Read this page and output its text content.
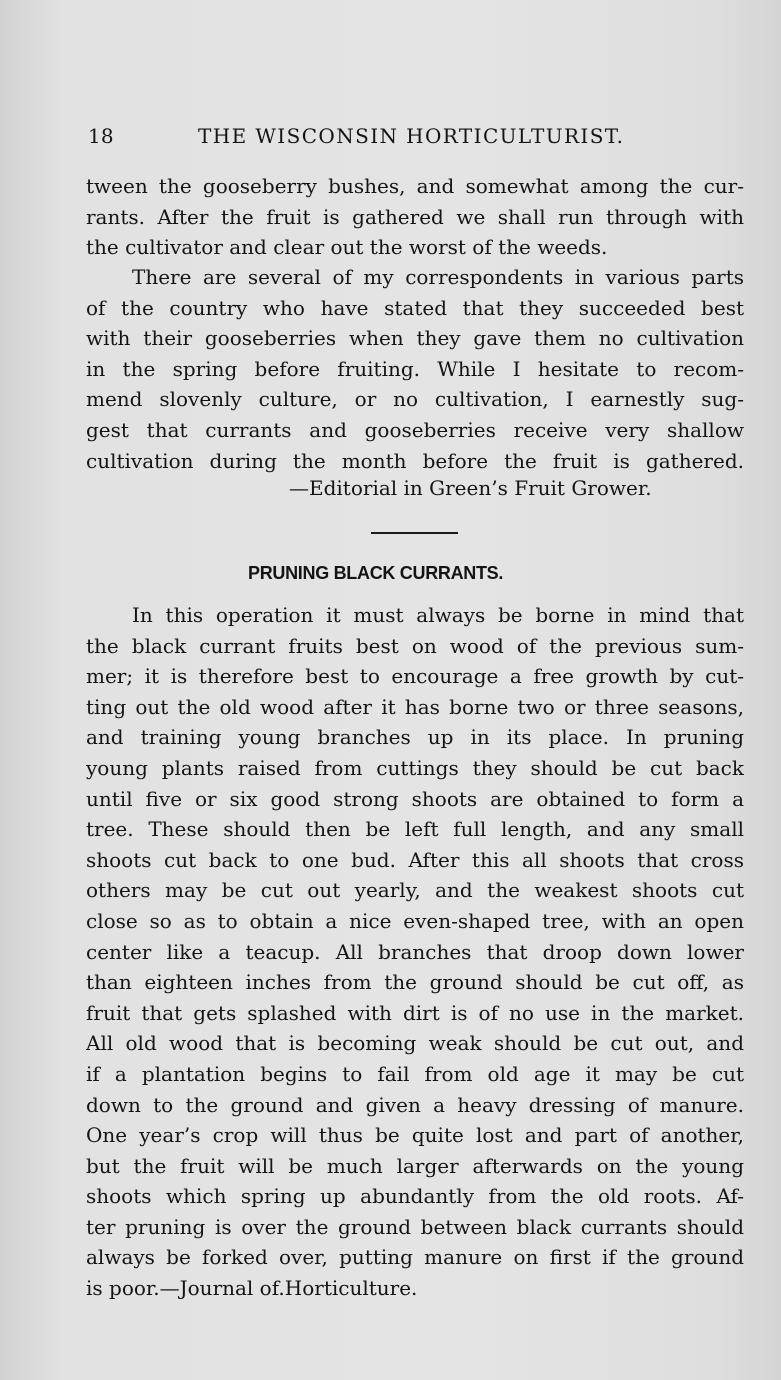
18	THE WISCONSIN HORTICULTURIST.
tween the gooseberry bushes, and somewhat among the cur-
rants. After the fruit is gathered we shall run through with
the cultivator and clear out the worst of the weeds.
There are several of my correspondents in various parts
of the country who have stated that they succeeded best
with their gooseberries when they gave them no cultivation
in the spring before fruiting. While I hesitate to recom-
mend slovenly culture, or no cultivation, I earnestly sug-
gest that currants and gooseberries receive very shallow
cultivation during the month before the fruit is gathered.
—Editorial in Green’s Fruit Grower.
PRUNING BLACK CURRANTS.
In this operation it must always be borne in mind that
the black currant fruits best on wood of the previous sum-
mer; it is therefore best to encourage a free growth by cut-
ting out the old wood after it has borne two or three seasons,
and training young branches up in its place. In pruning
young plants raised from cuttings they should be cut back
until five or six good strong shoots are obtained to form a
tree. These should then be left full length, and any small
shoots cut back to one bud. After this all shoots that cross
others may be cut out yearly, and the weakest shoots cut
close so as to obtain a nice even-shaped tree, with an open
center like a teacup. All branches that droop down lower
than eighteen inches from the ground should be cut off, as
fruit that gets splashed with dirt is of no use in the market.
All old wood that is becoming weak should be cut out, and
if a plantation begins to fail from old age it may be cut
down to the ground and given a heavy dressing of manure.
One year’s crop will thus be quite lost and part of another,
but the fruit will be much larger afterwards on the young
shoots which spring up abundantly from the old roots. Af-
ter pruning is over the ground between black currants should
always be forked over, putting manure on first if the ground
is poor.—Journal of.Horticulture.
